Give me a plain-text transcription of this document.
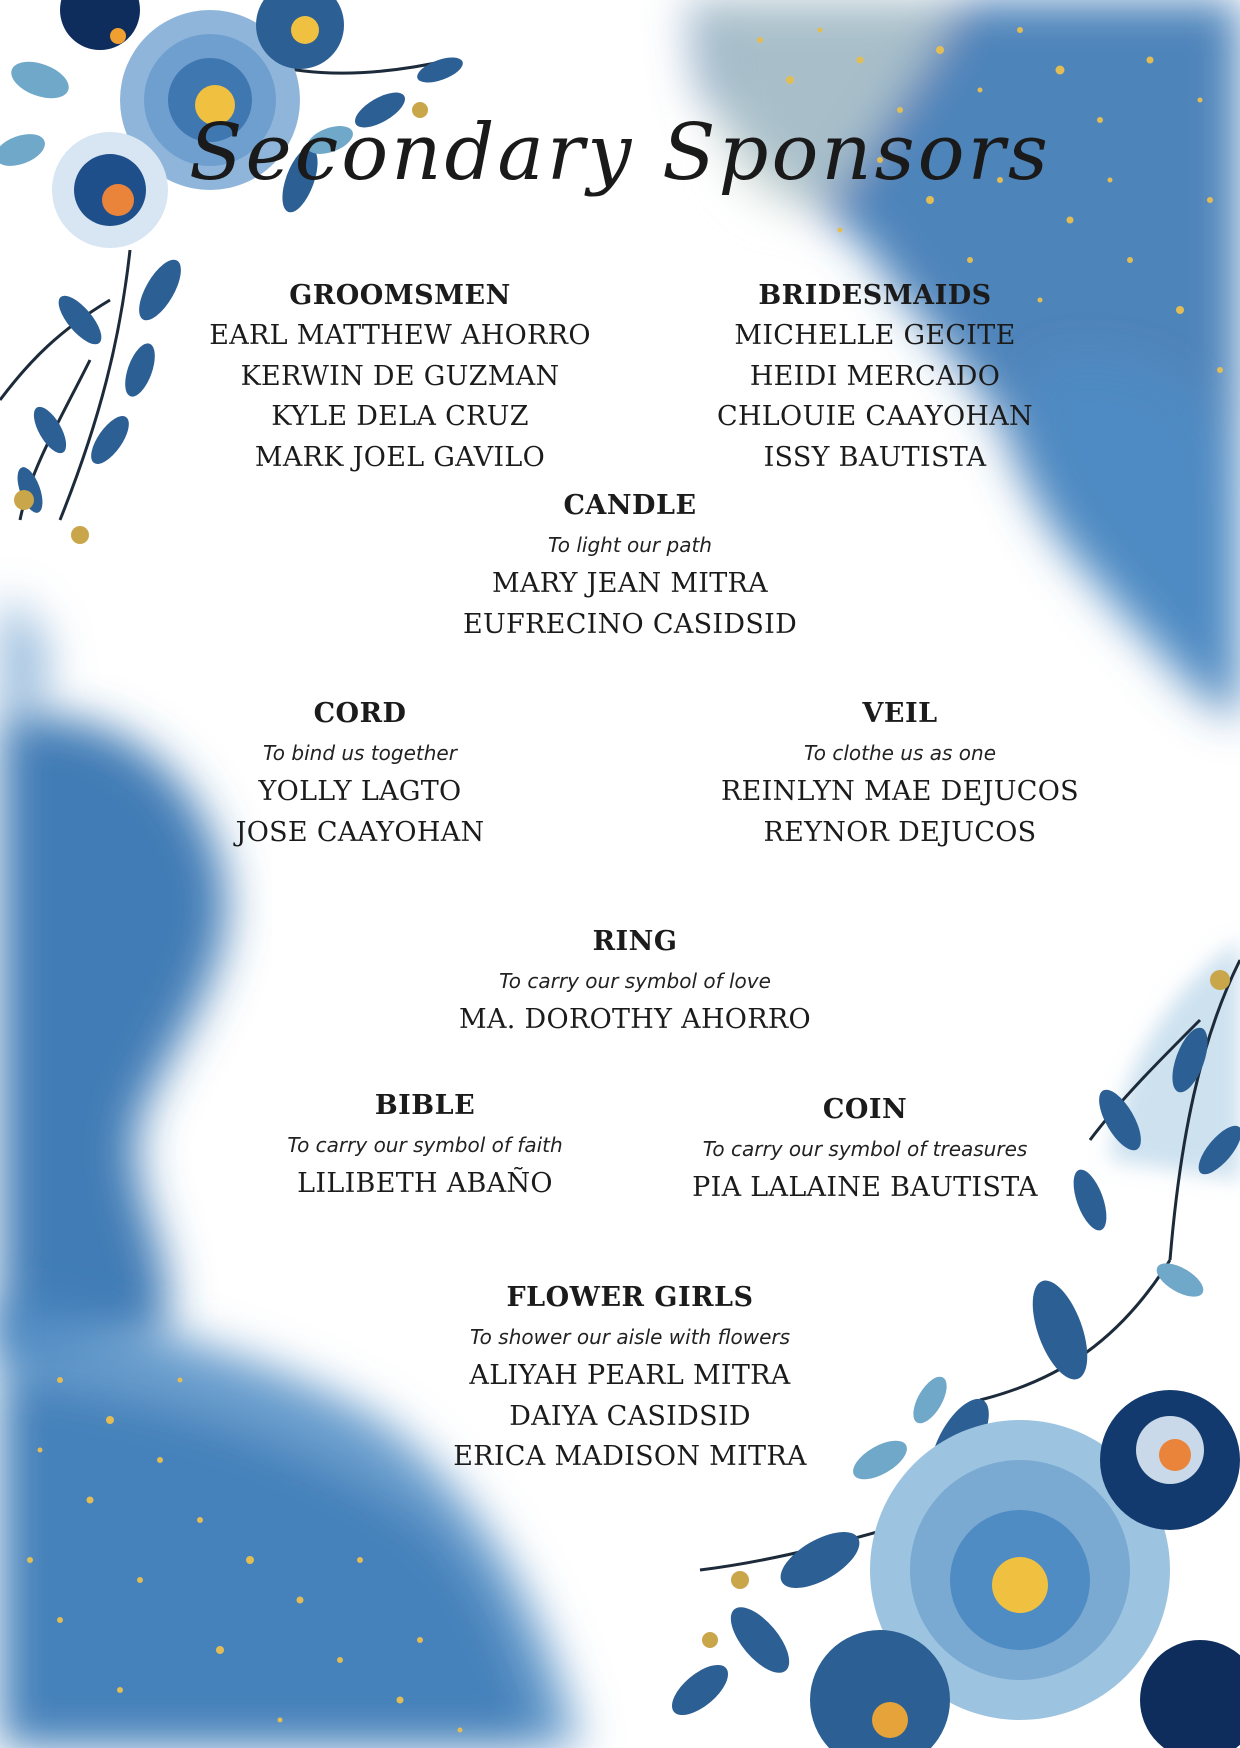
Secondary Sponsors
GROOMSMEN
EARL MATTHEW AHORRO
KERWIN DE GUZMAN
KYLE DELA CRUZ
MARK JOEL GAVILO
BRIDESMAIDS
MICHELLE GECITE
HEIDI MERCADO
CHLOUIE CAAYOHAN
ISSY BAUTISTA
CANDLE
To light our path
MARY JEAN MITRA
EUFRECINO CASIDSID
CORD
To bind us together
YOLLY LAGTO
JOSE CAAYOHAN
VEIL
To clothe us as one
REINLYN MAE DEJUCOS
REYNOR DEJUCOS
RING
To carry our symbol of love
MA. DOROTHY AHORRO
BIBLE
To carry our symbol of faith
LILIBETH ABAÑO
COIN
To carry our symbol of treasures
PIA LALAINE BAUTISTA
FLOWER GIRLS
To shower our aisle with flowers
ALIYAH PEARL MITRA
DAIYA CASIDSID
ERICA MADISON MITRA
